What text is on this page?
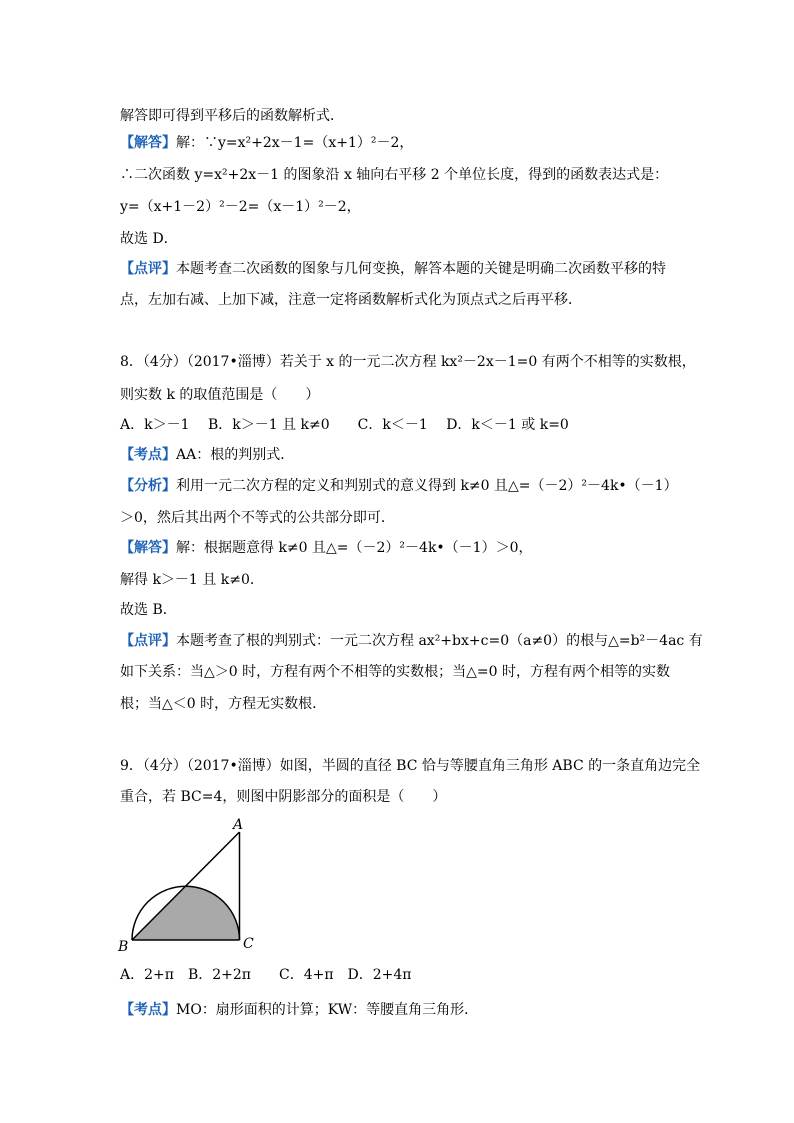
解答即可得到平移后的函数解析式．
【解答】解：∵y=x²+2x－1=（x+1）²－2，
∴二次函数 y=x²+2x－1 的图象沿 x 轴向右平移 2 个单位长度，得到的函数表达式是：
y=（x+1－2）²－2=（x－1）²－2，
故选 D．
【点评】本题考查二次函数的图象与几何变换，解答本题的关键是明确二次函数平移的特
点，左加右减、上加下减，注意一定将函数解析式化为顶点式之后再平移．
8．（4分）（2017•淄博）若关于 x 的一元二次方程 kx²－2x－1=0 有两个不相等的实数根，
则实数 k 的取值范围是（　　）
A．k＞－1　 B．k＞－1 且 k≠0　　C．k＜－1　 D．k＜－1 或 k=0
【考点】AA：根的判别式．
【分析】利用一元二次方程的定义和判别式的意义得到 k≠0 且△=（－2）²－4k•（－1）
＞0，然后其出两个不等式的公共部分即可．
【解答】解：根据题意得 k≠0 且△=（－2）²－4k•（－1）＞0，
解得 k＞－1 且 k≠0．
故选 B．
【点评】本题考查了根的判别式：一元二次方程 ax²+bx+c=0（a≠0）的根与△=b²－4ac 有
如下关系：当△＞0 时，方程有两个不相等的实数根；当△=0 时，方程有两个相等的实数
根；当△＜0 时，方程无实数根．
9．（4分）（2017•淄博）如图，半圆的直径 BC 恰与等腰直角三角形 ABC 的一条直角边完全
重合，若 BC=4，则图中阴影部分的面积是（　　）
A
B	C
A．2+π　B．2+2π　　C．4+π　D．2+4π
【考点】MO：扇形面积的计算；KW：等腰直角三角形．
